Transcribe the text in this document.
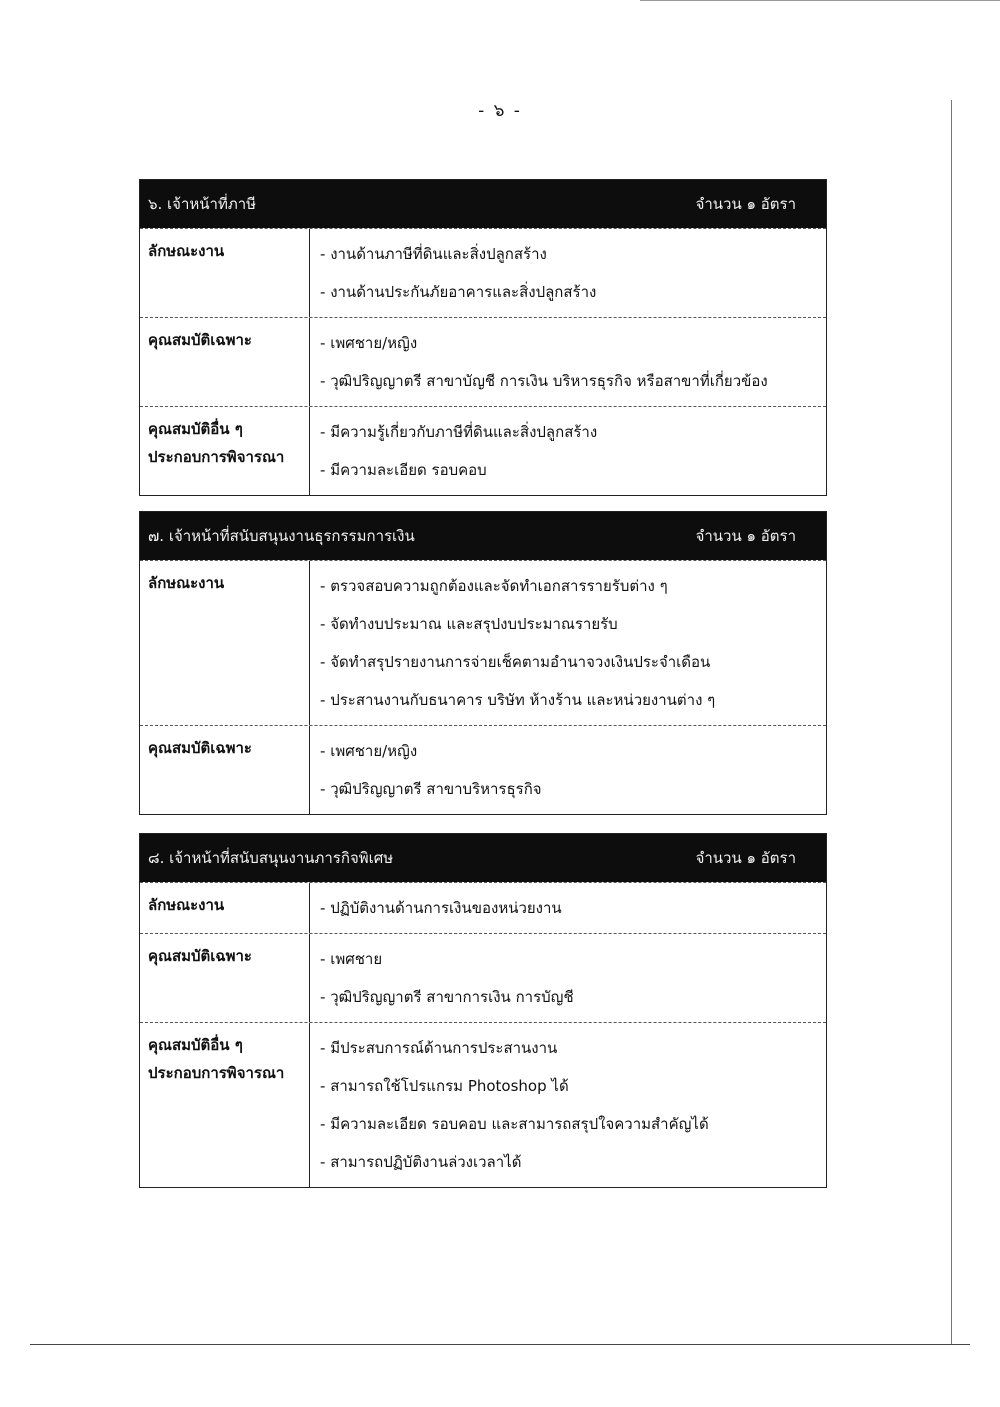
- ๖ -
๖. เจ้าหน้าที่ภาษี	จำนวน ๑ อัตรา
ลักษณะงาน	- งานด้านภาษีที่ดินและสิ่งปลูกสร้าง
- งานด้านประกันภัยอาคารและสิ่งปลูกสร้าง
คุณสมบัติเฉพาะ	- เพศชาย/หญิง
- วุฒิปริญญาตรี สาขาบัญชี การเงิน บริหารธุรกิจ หรือสาขาที่เกี่ยวข้อง
คุณสมบัติอื่น ๆ
ประกอบการพิจารณา
- มีความรู้เกี่ยวกับภาษีที่ดินและสิ่งปลูกสร้าง
- มีความละเอียด รอบคอบ
๗. เจ้าหน้าที่สนับสนุนงานธุรกรรมการเงิน	จำนวน ๑ อัตรา
ลักษณะงาน	- ตรวจสอบความถูกต้องและจัดทำเอกสารรายรับต่าง ๆ
- จัดทำงบประมาณ และสรุปงบประมาณรายรับ
- จัดทำสรุปรายงานการจ่ายเช็คตามอำนาจวงเงินประจำเดือน
- ประสานงานกับธนาคาร บริษัท ห้างร้าน และหน่วยงานต่าง ๆ
คุณสมบัติเฉพาะ	- เพศชาย/หญิง
- วุฒิปริญญาตรี สาขาบริหารธุรกิจ
๘. เจ้าหน้าที่สนับสนุนงานภารกิจพิเศษ	จำนวน ๑ อัตรา
ลักษณะงาน	- ปฏิบัติงานด้านการเงินของหน่วยงาน
คุณสมบัติเฉพาะ	- เพศชาย
- วุฒิปริญญาตรี สาขาการเงิน การบัญชี
คุณสมบัติอื่น ๆ
ประกอบการพิจารณา
- มีประสบการณ์ด้านการประสานงาน
- สามารถใช้โปรแกรม Photoshop ได้
- มีความละเอียด รอบคอบ และสามารถสรุปใจความสำคัญได้
- สามารถปฏิบัติงานล่วงเวลาได้
